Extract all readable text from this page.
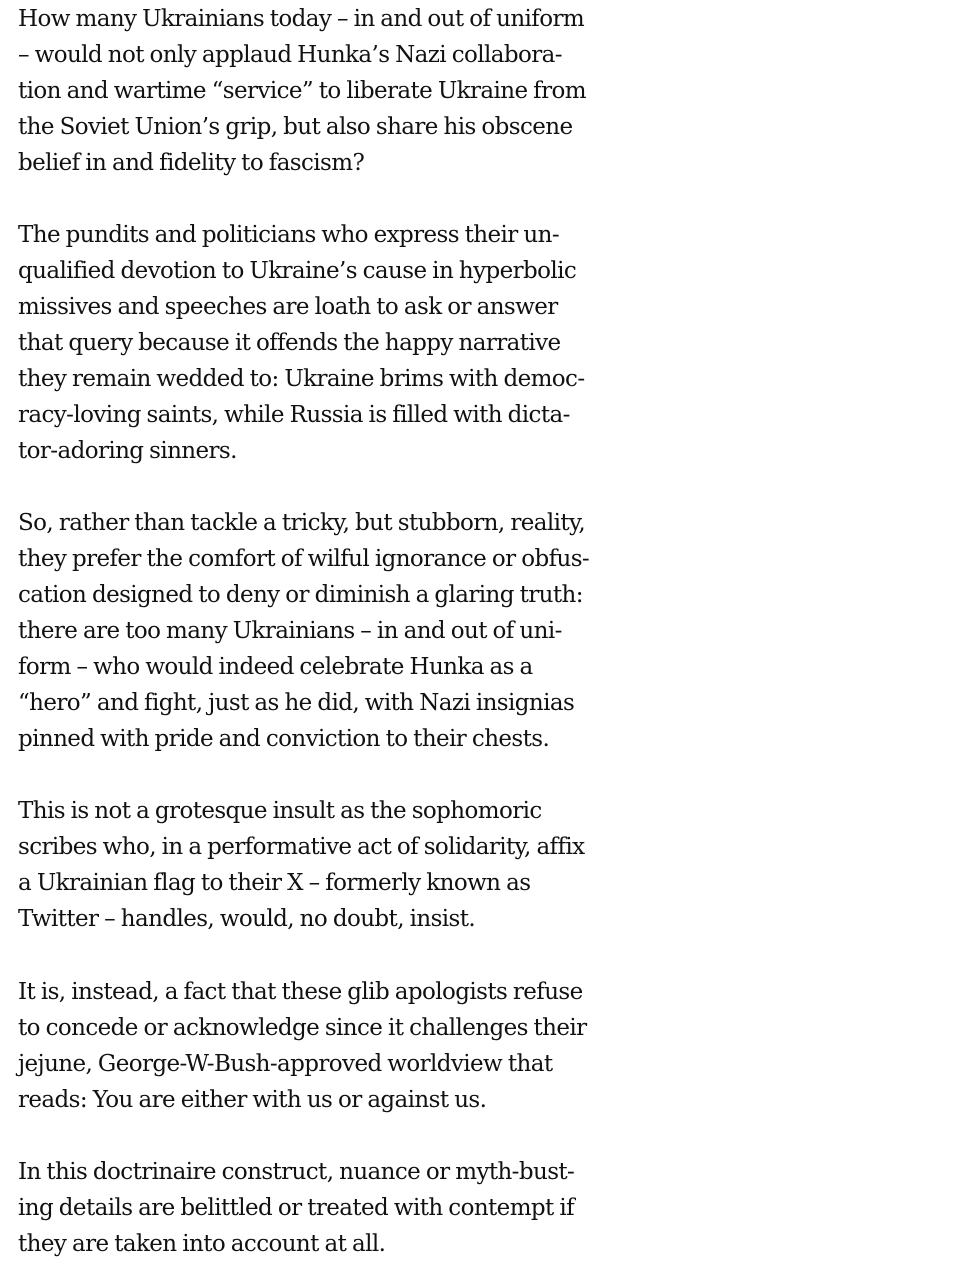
How many Ukrainians today – in and out of uniform
– would not only applaud Hunka’s Nazi collabora-
tion and wartime “service” to liberate Ukraine from
the Soviet Union’s grip, but also share his obscene
belief in and fidelity to fascism?

The pundits and politicians who express their un-
qualified devotion to Ukraine’s cause in hyperbolic
missives and speeches are loath to ask or answer
that query because it offends the happy narrative
they remain wedded to: Ukraine brims with democ-
racy-loving saints, while Russia is filled with dicta-
tor-adoring sinners.

So, rather than tackle a tricky, but stubborn, reality,
they prefer the comfort of wilful ignorance or obfus-
cation designed to deny or diminish a glaring truth:
there are too many Ukrainians – in and out of uni-
form – who would indeed celebrate Hunka as a
“hero” and fight, just as he did, with Nazi insignias
pinned with pride and conviction to their chests.

This is not a grotesque insult as the sophomoric
scribes who, in a performative act of solidarity, affix
a Ukrainian flag to their X – formerly known as
Twitter – handles, would, no doubt, insist.

It is, instead, a fact that these glib apologists refuse
to concede or acknowledge since it challenges their
jejune, George-W-Bush-approved worldview that
reads: You are either with us or against us.

In this doctrinaire construct, nuance or myth-bust-
ing details are belittled or treated with contempt if
they are taken into account at all.
